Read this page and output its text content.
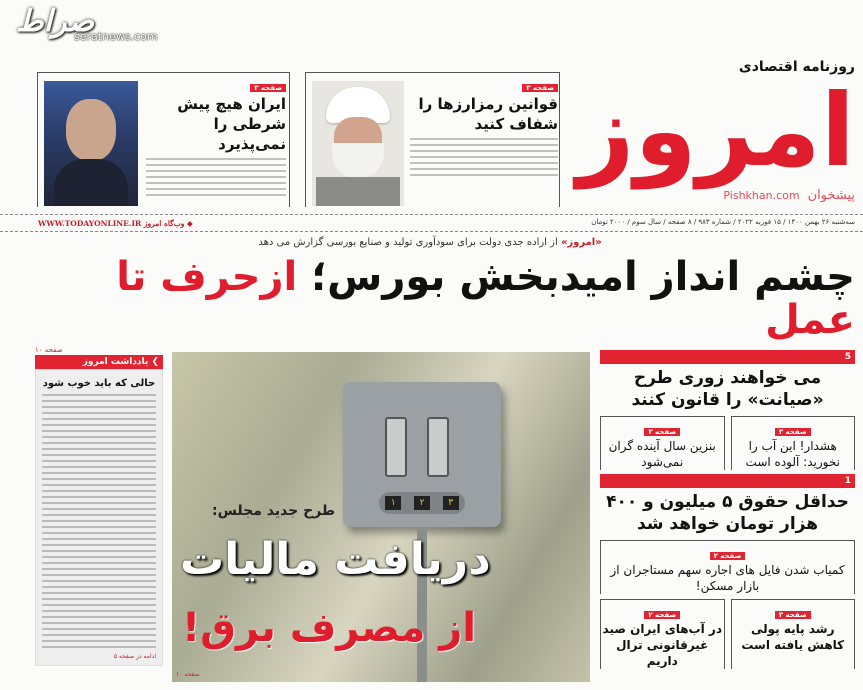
صراط
seratnews.com
صفحه ۳
ایران هیچ پیش شرطی را نمی‌پذیرد
صفحه ۳
قوانین رمزارزها را شفاف کنید
روزنامه اقتصادی
امروز
پیشخوانPishkhan.com
سه‌شنبه ۲۶ بهمن ۱۴۰۰ / ۱۵ فوریه ۲۰۲۲ / شماره ۹۸۳ / ۸ صفحه / سال سوم / ۲۰۰۰ تومان
WWW.TODAYONLINE.IR وب‌گاه امروز ◆
«امروز» از اراده جدی دولت برای سودآوری تولید و صنایع بورسی گزارش می دهد
چشم انداز امیدبخش بورس؛ ازحرف تا عمل
صفحه ۱۰
❯ یادداشت امروز
حالی که باید خوب شود
ادامه در صفحه ۵
۱	۲	۳
طرح جدید مجلس:
دریافت مالیات
از مصرف برق!
صفحه ۱۰
5
می خواهند زوری طرح «صیانت» را قانون کنند
صفحه ۳
هشدار! این آب را نخورید: آلوده است
صفحه ۳
بنزین سال آینده گران نمی‌شود
1
حداقل حقوق ۵ میلیون و ۴۰۰ هزار تومان خواهد شد
صفحه ۲
کمیاب شدن فایل های اجاره سهم مستاجران از بازار مسکن!
صفحه ۳
رشد پایه پولی کاهش یافته است
صفحه ۲
در آب‌های ایران صید غیرقانونی ترال داریم
